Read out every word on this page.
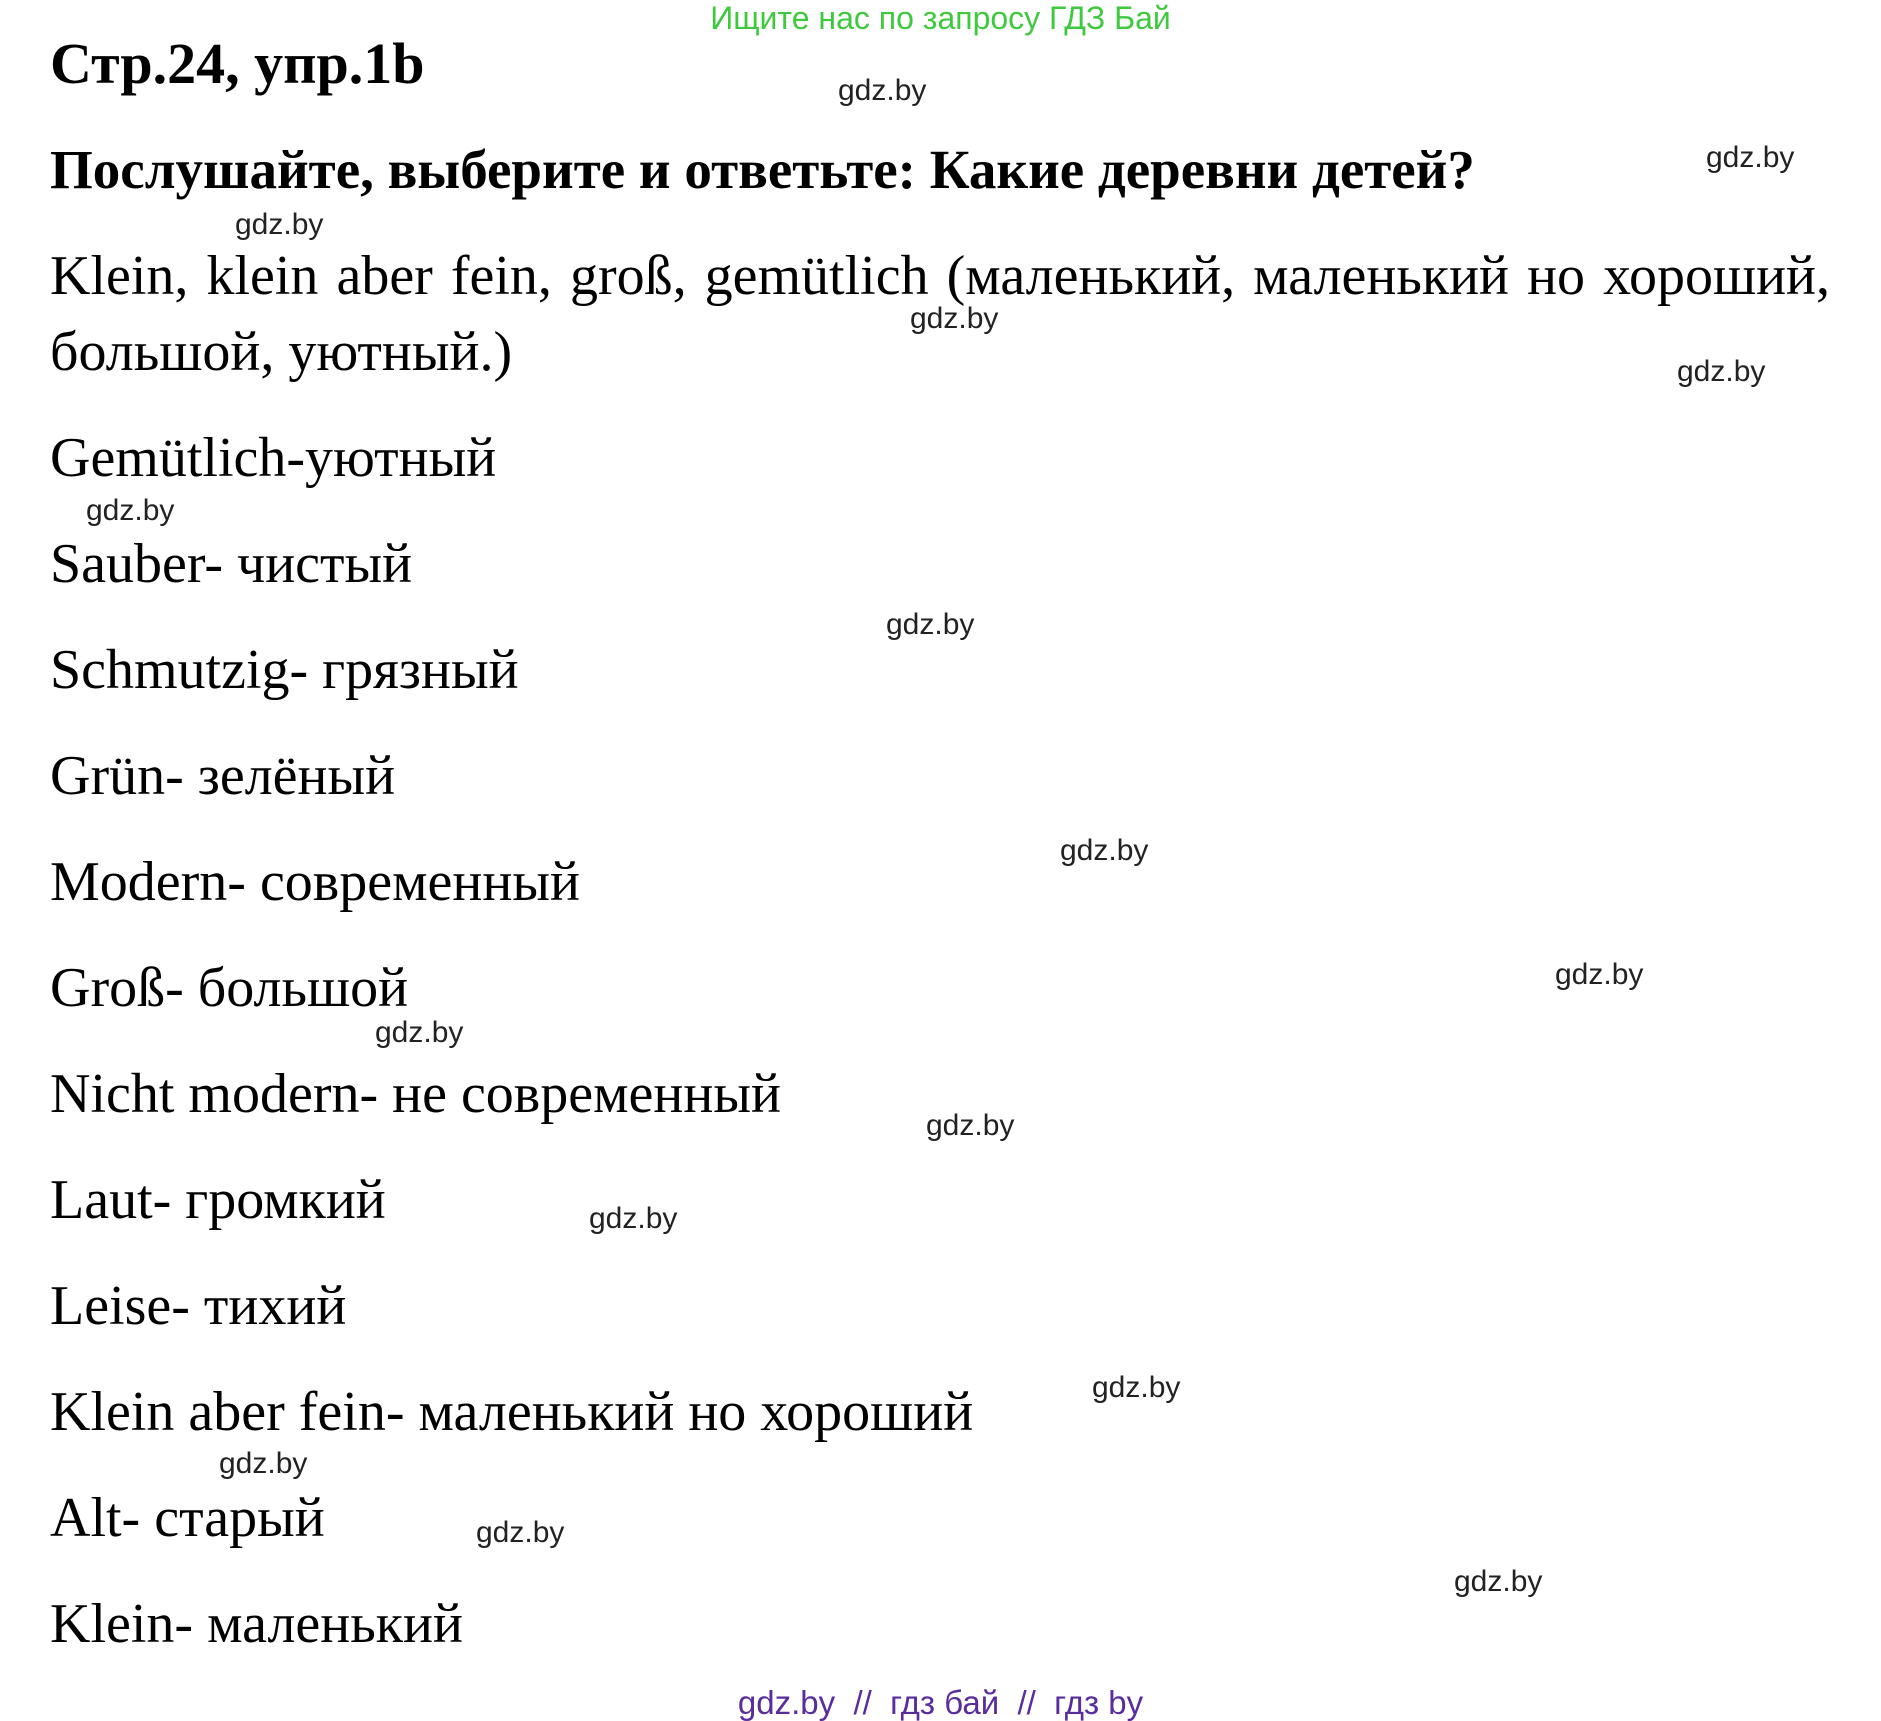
Ищите нас по запросу ГДЗ Бай
Стр.24, упр.1b
Послушайте, выберите и ответьте: Какие деревни детей?

Klein, klein aber fein, groß, gemütlich (маленький, маленький но хороший, большой, уютный.)

Gemütlich-уютный
Sauber- чистый
Schmutzig- грязный
Grün- зелёный
Modern- современный
Groß- большой
Nicht modern- не современный
Laut- громкий
Leise- тихий
Klein aber fein- маленький но хороший
Alt- старый
Klein- маленький
gdz.by
gdz.by
gdz.by
gdz.by
gdz.by
gdz.by
gdz.by
gdz.by
gdz.by
gdz.by
gdz.by
gdz.by
gdz.by
gdz.by
gdz.by
gdz.by
gdz.by  //  гдз бай  //  гдз by
